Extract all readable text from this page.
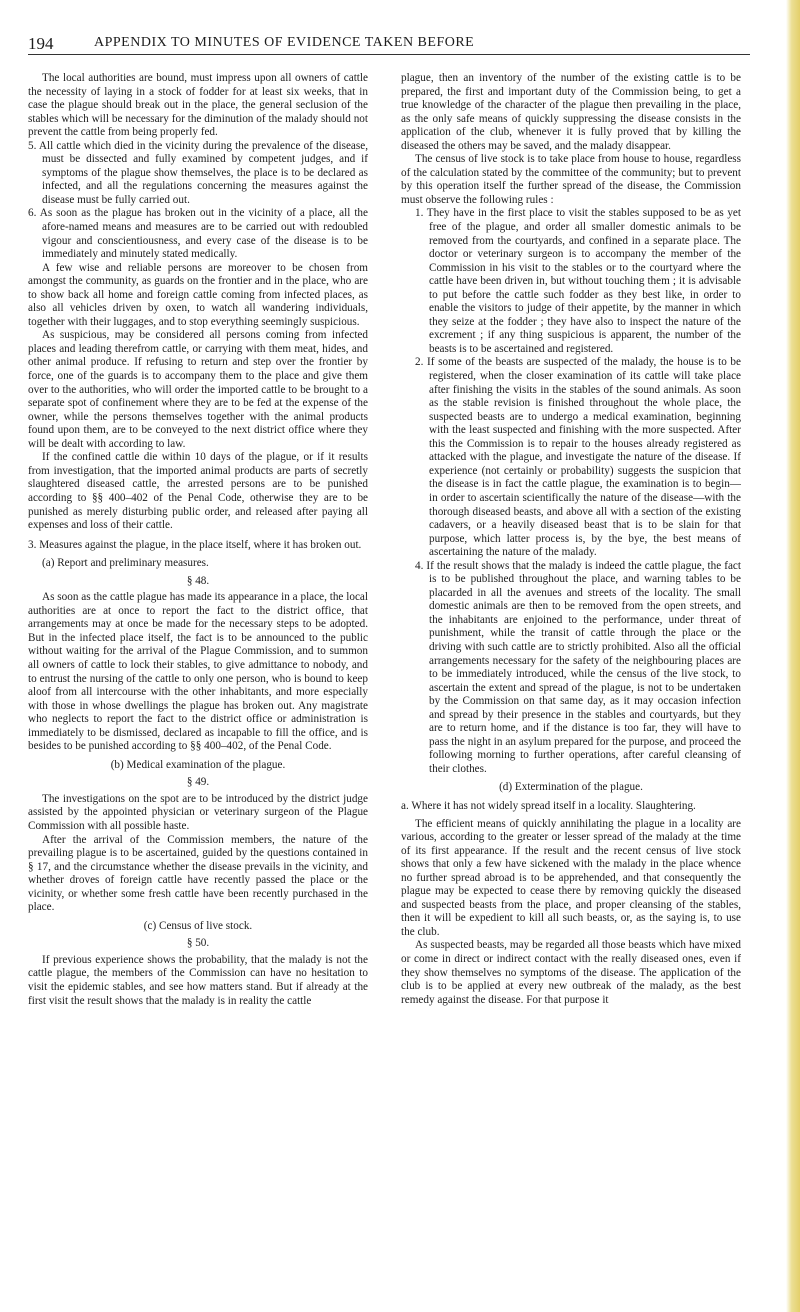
194	APPENDIX TO MINUTES OF EVIDENCE TAKEN BEFORE

The local authorities are bound, must impress upon all owners of cattle the necessity of laying in a stock of fodder for at least six weeks, that in case the plague should break out in the place, the general seclusion of the stables which will be necessary for the diminution of the malady should not prevent the cattle from being properly fed.

5. All cattle which died in the vicinity during the prevalence of the disease, must be dissected and fully examined by competent judges, and if symptoms of the plague show themselves, the place is to be declared as infected, and all the regulations concerning the measures against the disease must be fully carried out.

6. As soon as the plague has broken out in the vicinity of a place, all the afore-named means and measures are to be carried out with redoubled vigour and conscientiousness, and every case of the disease is to be immediately and minutely stated medically.

A few wise and reliable persons are moreover to be chosen from amongst the community, as guards on the frontier and in the place, who are to show back all home and foreign cattle coming from infected places, as also all vehicles driven by oxen, to watch all wandering individuals, together with their luggages, and to stop everything seemingly suspicious.

As suspicious, may be considered all persons coming from infected places and leading therefrom cattle, or carrying with them meat, hides, and other animal produce. If refusing to return and step over the frontier by force, one of the guards is to accompany them to the place and give them over to the authorities, who will order the imported cattle to be brought to a separate spot of confinement where they are to be fed at the expense of the owner, while the persons themselves together with the animal products found upon them, are to be conveyed to the next district office where they will be dealt with according to law.

If the confined cattle die within 10 days of the plague, or if it results from investigation, that the imported animal products are parts of secretly slaughtered diseased cattle, the arrested persons are to be punished according to §§ 400–402 of the Penal Code, otherwise they are to be punished as merely disturbing public order, and released after paying all expenses and loss of their cattle.

3. Measures against the plague, in the place itself, where it has broken out.

(a) Report and preliminary measures.

§ 48.

As soon as the cattle plague has made its appearance in a place, the local authorities are at once to report the fact to the district office, that arrangements may at once be made for the necessary steps to be adopted. But in the infected place itself, the fact is to be announced to the public without waiting for the arrival of the Plague Commission, and to summon all owners of cattle to lock their stables, to give admittance to nobody, and to entrust the nursing of the cattle to only one person, who is bound to keep aloof from all intercourse with the other inhabitants, and more especially with those in whose dwellings the plague has broken out. Any magistrate who neglects to report the fact to the district office or administration is immediately to be dismissed, declared as incapable to fill the office, and is besides to be punished according to §§ 400–402, of the Penal Code.

(b) Medical examination of the plague.

§ 49.

The investigations on the spot are to be introduced by the district judge assisted by the appointed physician or veterinary surgeon of the Plague Commission with all possible haste.

After the arrival of the Commission members, the nature of the prevailing plague is to be ascertained, guided by the questions contained in § 17, and the circumstance whether the disease prevails in the vicinity, and whether droves of foreign cattle have recently passed the place or the vicinity, or whether some fresh cattle have been recently purchased in the place.

(c) Census of live stock.

§ 50.

If previous experience shows the probability, that the malady is not the cattle plague, the members of the Commission can have no hesitation to visit the epidemic stables, and see how matters stand. But if already at the first visit the result shows that the malady is in reality the cattle

plague, then an inventory of the number of the existing cattle is to be prepared, the first and important duty of the Commission being, to get a true knowledge of the character of the plague then prevailing in the place, as the only safe means of quickly suppressing the disease consists in the application of the club, whenever it is fully proved that by killing the diseased the others may be saved, and the malady disappear.

The census of live stock is to take place from house to house, regardless of the calculation stated by the committee of the community; but to prevent by this operation itself the further spread of the disease, the Commission must observe the following rules :

1. They have in the first place to visit the stables supposed to be as yet free of the plague, and order all smaller domestic animals to be removed from the courtyards, and confined in a separate place. The doctor or veterinary surgeon is to accompany the member of the Commission in his visit to the stables or to the courtyard where the cattle have been driven in, but without touching them ; it is advisable to put before the cattle such fodder as they best like, in order to enable the visitors to judge of their appetite, by the manner in which they seize at the fodder ; they have also to inspect the nature of the excrement ; if any thing suspicious is apparent, the number of the beasts is to be ascertained and registered.

2. If some of the beasts are suspected of the malady, the house is to be registered, when the closer examination of its cattle will take place after finishing the visits in the stables of the sound animals. As soon as the stable revision is finished throughout the whole place, the suspected beasts are to undergo a medical examination, beginning with the least suspected and finishing with the more suspected. After this the Commission is to repair to the houses already registered as attacked with the plague, and investigate the nature of the disease. If experience (not certainly or probability) suggests the suspicion that the disease is in fact the cattle plague, the examination is to begin—in order to ascertain scientifically the nature of the disease—with the thorough diseased beasts, and above all with a section of the existing cadavers, or a heavily diseased beast that is to be slain for that purpose, which latter process is, by the bye, the best means of ascertaining the nature of the malady.

4. If the result shows that the malady is indeed the cattle plague, the fact is to be published throughout the place, and warning tables to be placarded in all the avenues and streets of the locality. The small domestic animals are then to be removed from the open streets, and the inhabitants are enjoined to the performance, under threat of punishment, while the transit of cattle through the place or the driving with such cattle are to strictly prohibited. Also all the official arrangements necessary for the safety of the neighbouring places are to be immediately introduced, while the census of the live stock, to ascertain the extent and spread of the plague, is not to be undertaken by the Commission on that same day, as it may occasion infection and spread by their presence in the stables and courtyards, but they are to return home, and if the distance is too far, they will have to pass the night in an asylum prepared for the purpose, and proceed the following morning to further operations, after careful cleansing of their clothes.

(d) Extermination of the plague.

a. Where it has not widely spread itself in a locality. Slaughtering.

The efficient means of quickly annihilating the plague in a locality are various, according to the greater or lesser spread of the malady at the time of its first appearance. If the result and the recent census of live stock shows that only a few have sickened with the malady in the place whence no further spread abroad is to be apprehended, and that consequently the plague may be expected to cease there by removing quickly the diseased and suspected beasts from the place, and proper cleansing of the stables, then it will be expedient to kill all such beasts, or, as the saying is, to use the club.

As suspected beasts, may be regarded all those beasts which have mixed or come in direct or indirect contact with the really diseased ones, even if they show themselves no symptoms of the disease. The application of the club is to be applied at every new outbreak of the malady, as the best remedy against the disease. For that purpose it
